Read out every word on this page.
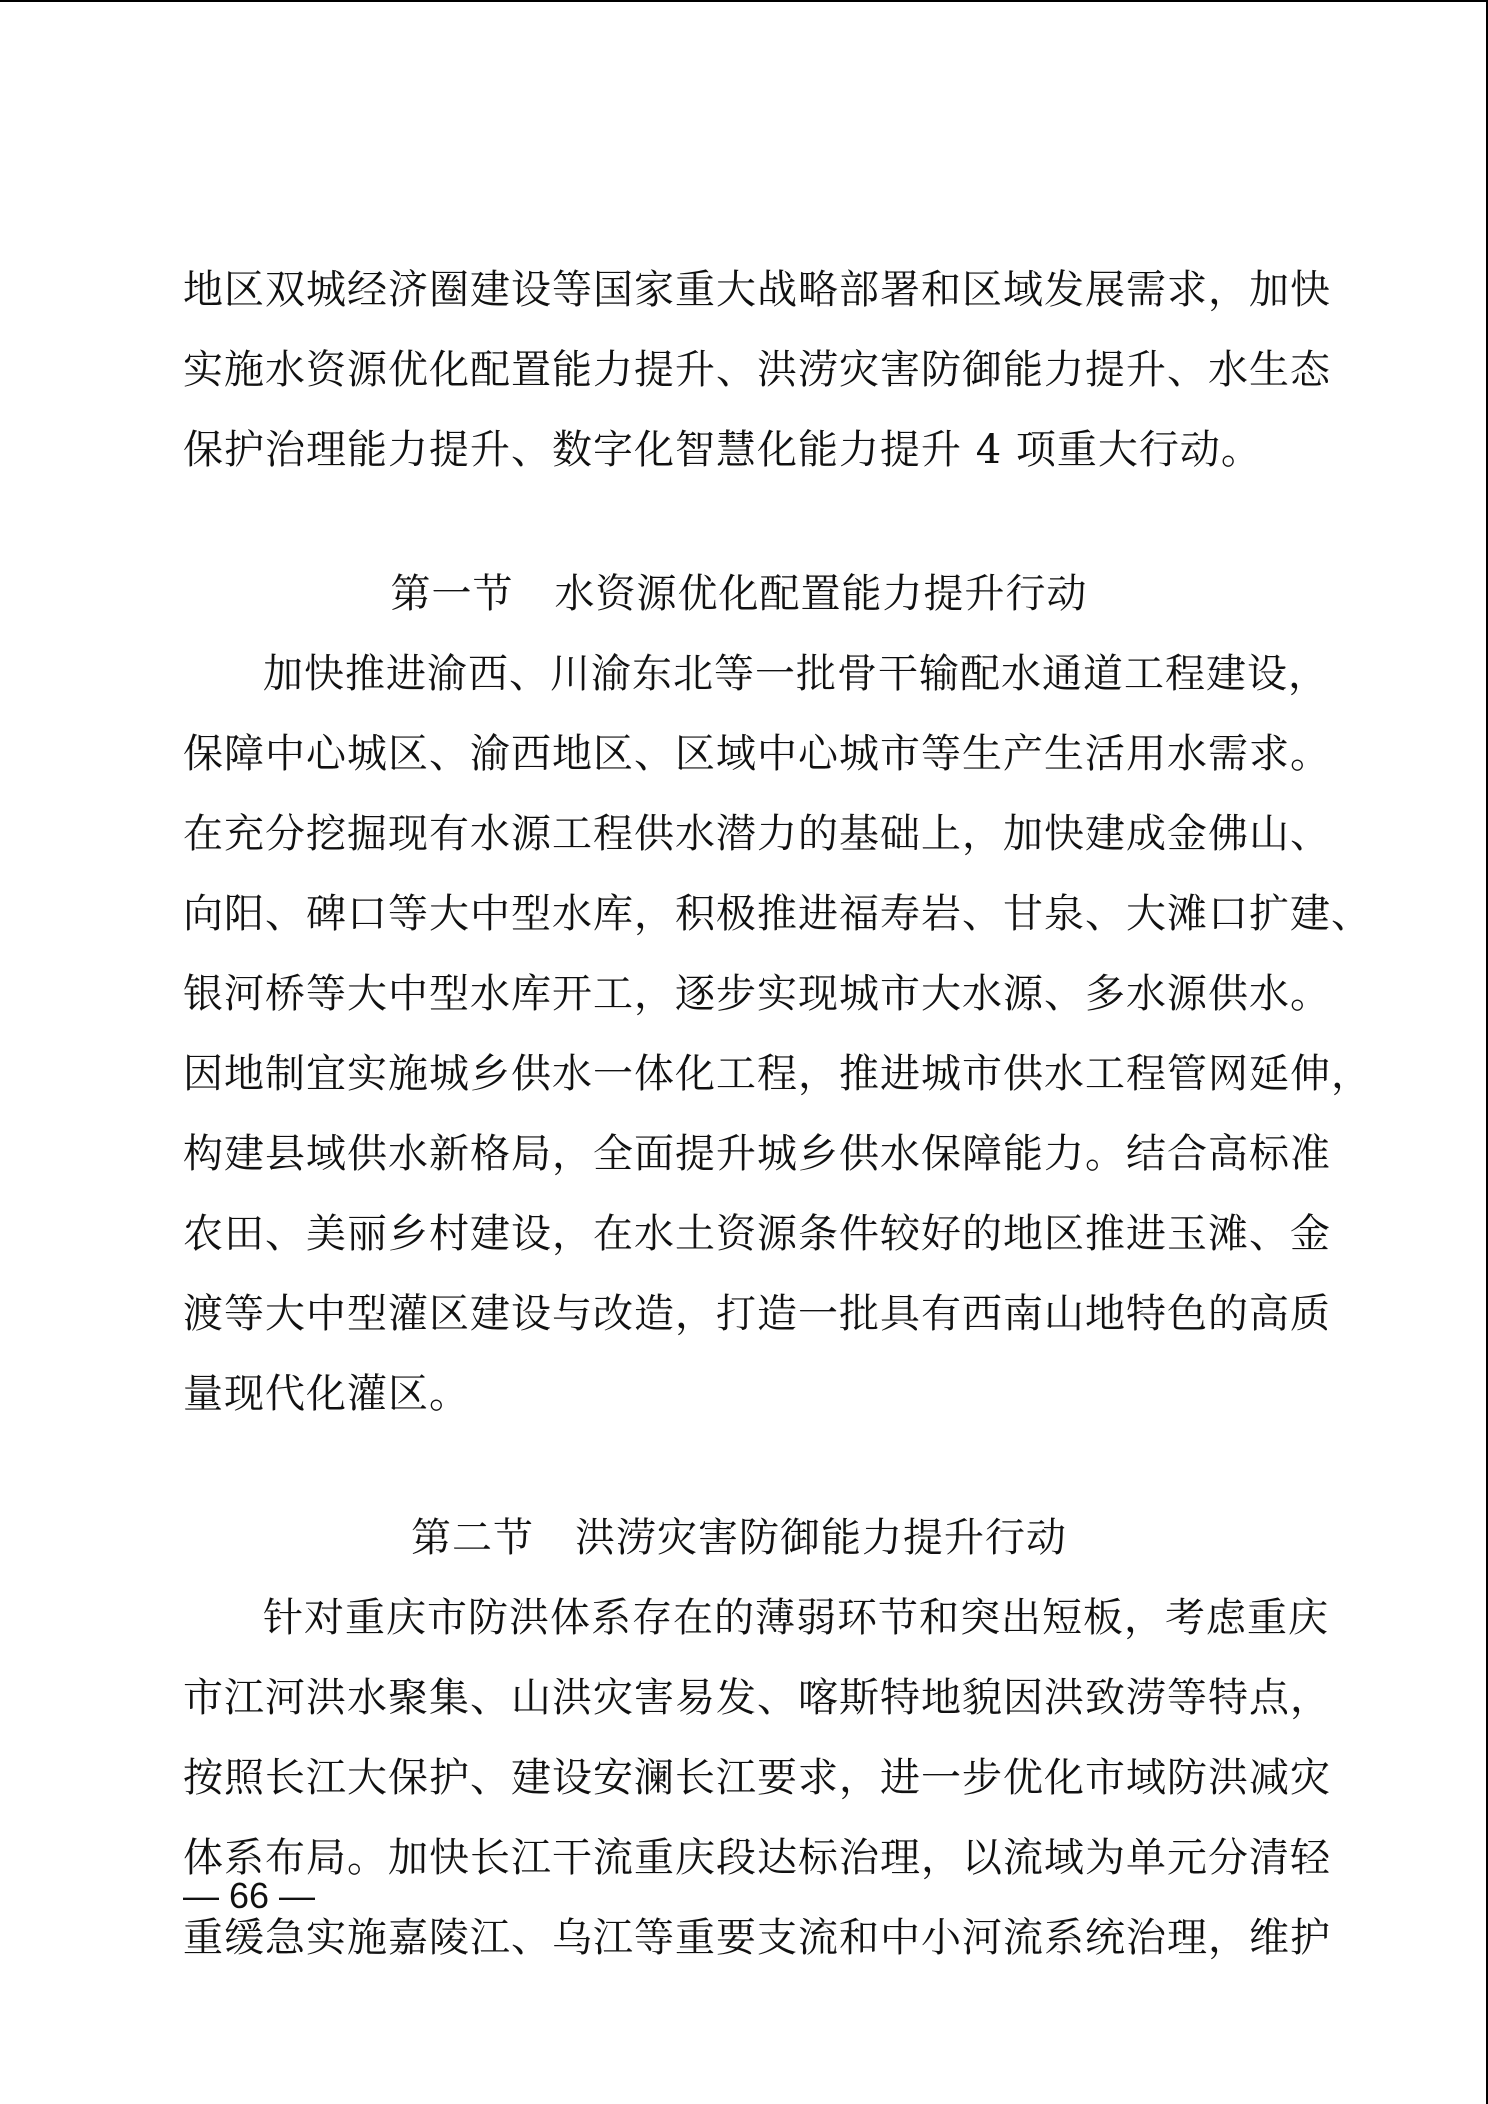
地区双城经济圈建设等国家重大战略部署和区域发展需求，加快
实施水资源优化配置能力提升、洪涝灾害防御能力提升、水生态
保护治理能力提升、数字化智慧化能力提升 4 项重大行动。
第一节　水资源优化配置能力提升行动
加快推进渝西、川渝东北等一批骨干输配水通道工程建设，
保障中心城区、渝西地区、区域中心城市等生产生活用水需求。
在充分挖掘现有水源工程供水潜力的基础上，加快建成金佛山、
向阳、碑口等大中型水库，积极推进福寿岩、甘泉、大滩口扩建、
银河桥等大中型水库开工，逐步实现城市大水源、多水源供水。
因地制宜实施城乡供水一体化工程，推进城市供水工程管网延伸，
构建县域供水新格局，全面提升城乡供水保障能力。结合高标准
农田、美丽乡村建设，在水土资源条件较好的地区推进玉滩、金
渡等大中型灌区建设与改造，打造一批具有西南山地特色的高质
量现代化灌区。
第二节　洪涝灾害防御能力提升行动
针对重庆市防洪体系存在的薄弱环节和突出短板，考虑重庆
市江河洪水聚集、山洪灾害易发、喀斯特地貌因洪致涝等特点，
按照长江大保护、建设安澜长江要求，进一步优化市域防洪减灾
体系布局。加快长江干流重庆段达标治理，以流域为单元分清轻
重缓急实施嘉陵江、乌江等重要支流和中小河流系统治理，维护
— 66 —
